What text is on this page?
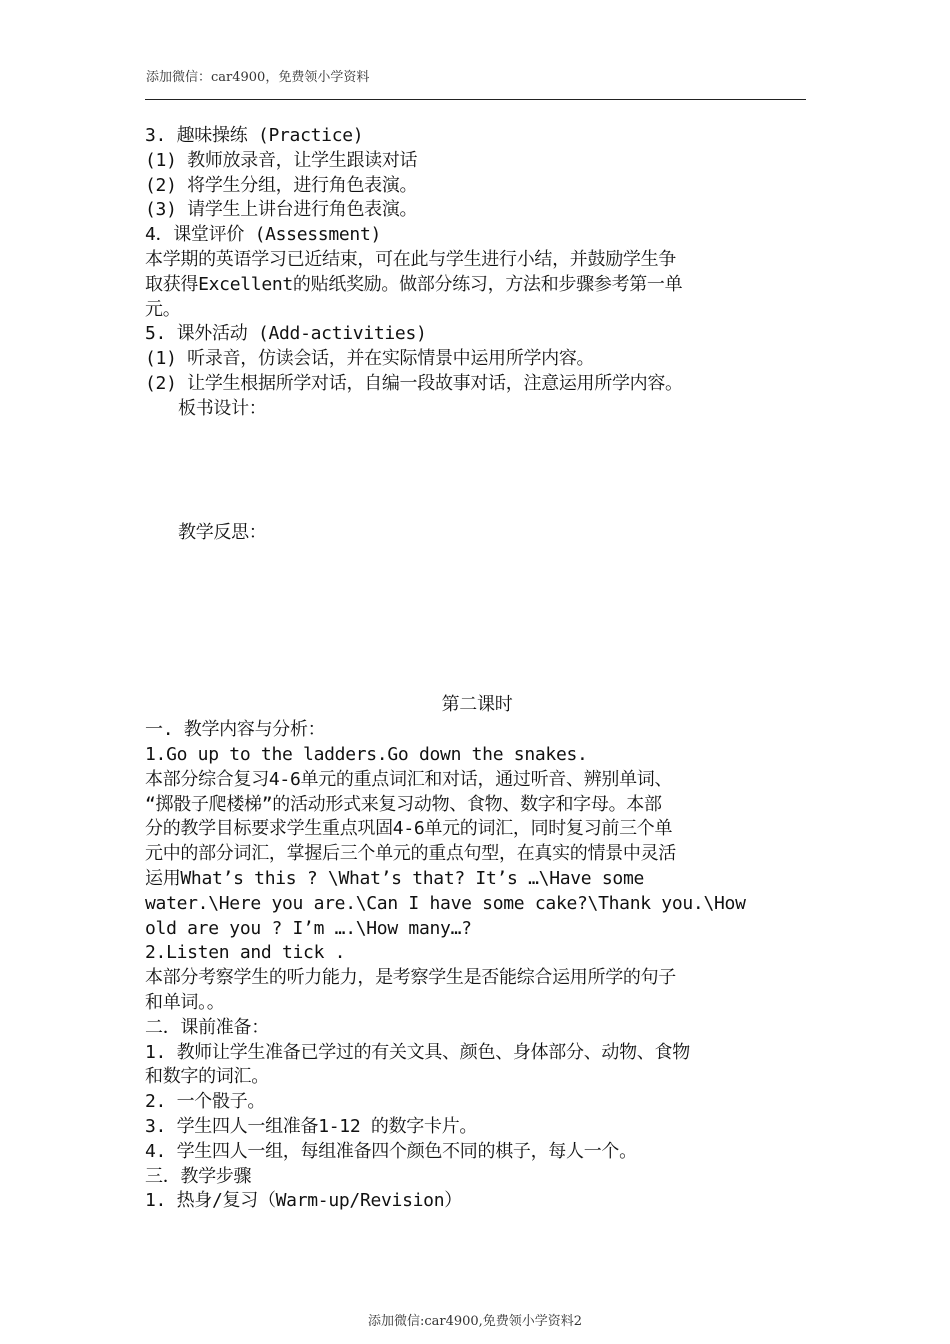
添加微信：car4900，免费领小学资料
3. 趣味操练 (Practice)
(1) 教师放录音，让学生跟读对话
(2) 将学生分组，进行角色表演。
(3) 请学生上讲台进行角色表演。
4．课堂评价 (Assessment)
本学期的英语学习已近结束，可在此与学生进行小结，并鼓励学生争
取获得Excellent的贴纸奖励。做部分练习，方法和步骤参考第一单
元。
5. 课外活动 (Add-activities)
(1) 听录音，仿读会话，并在实际情景中运用所学内容。
(2) 让学生根据所学对话，自编一段故事对话，注意运用所学内容。
板书设计：
教学反思：
第二课时
一. 教学内容与分析：
1.Go up to the ladders.Go down the snakes.
本部分综合复习4-6单元的重点词汇和对话，通过听音、辨别单词、
“掷骰子爬楼梯”的活动形式来复习动物、食物、数字和字母。本部
分的教学目标要求学生重点巩固4-6单元的词汇，同时复习前三个单
元中的部分词汇，掌握后三个单元的重点句型，在真实的情景中灵活
运用What’s this ? \What’s that? It’s …\Have some
water.\Here you are.\Can I have some cake?\Thank you.\How
old are you ? I’m ….\How many…?
2.Listen and tick .
本部分考察学生的听力能力，是考察学生是否能综合运用所学的句子
和单词。。
二．课前准备：
1. 教师让学生准备已学过的有关文具、颜色、身体部分、动物、食物
和数字的词汇。
2. 一个骰子。
3. 学生四人一组准备1-12 的数字卡片。
4. 学生四人一组，每组准备四个颜色不同的棋子，每人一个。
三．教学步骤
1. 热身/复习（Warm-up/Revision）
添加微信:car4900,免费领小学资料2
